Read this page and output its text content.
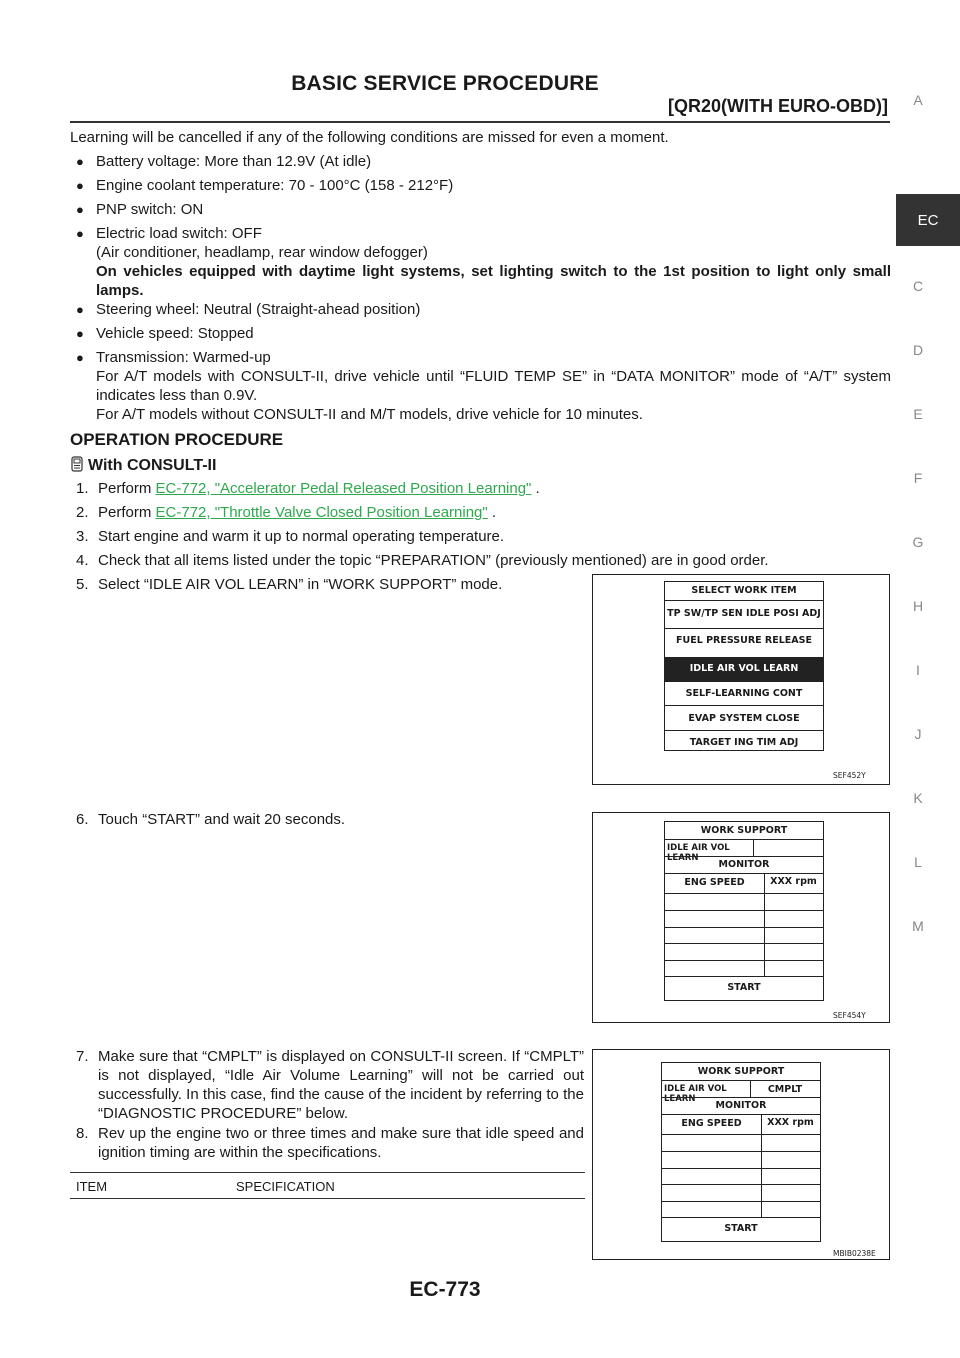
BASIC SERVICE PROCEDURE
[QR20(WITH EURO-OBD)]	A
EC
C
D
E
F
G
H
I
J
K
L
M
Learning will be cancelled if any of the following conditions are missed for even a moment.
● Battery voltage: More than 12.9V (At idle)
● Engine coolant temperature: 70 - 100°C (158 - 212°F)
● PNP switch: ON
● Electric load switch: OFF
(Air conditioner, headlamp, rear window defogger)

On vehicles equipped with daytime light systems, set lighting switch to the 1st position to light only small lamps.
● Steering wheel: Neutral (Straight-ahead position)
● Vehicle speed: Stopped
● Transmission: Warmed-up

For A/T models with CONSULT-II, drive vehicle until “FLUID TEMP SE” in “DATA MONITOR” mode of “A/T” system indicates less than 0.9V.
For A/T models without CONSULT-II and M/T models, drive vehicle for 10 minutes.
OPERATION PROCEDURE
With CONSULT-II
1. Perform EC-772, "Accelerator Pedal Released Position Learning" .
2. Perform EC-772, "Throttle Valve Closed Position Learning" .
3. Start engine and warm it up to normal operating temperature.
4. Check that all items listed under the topic “PREPARATION” (previously mentioned) are in good order.
5. Select “IDLE AIR VOL LEARN” in “WORK SUPPORT” mode.
6. Touch “START” and wait 20 seconds.
7. Make sure that “CMPLT” is displayed on CONSULT-II screen. If “CMPLT” is not displayed, “Idle Air Volume Learning” will not be carried out successfully. In this case, find the cause of the incident by referring to the “DIAGNOSTIC PROCEDURE” below.
8. Rev up the engine two or three times and make sure that idle speed and ignition timing are within the specifications.
ITEM	SPECIFICATION
SELECT WORK ITEM
TP SW/TP SEN IDLE POSI ADJ
FUEL PRESSURE RELEASE
IDLE AIR VOL LEARN
SELF-LEARNING CONT
EVAP SYSTEM CLOSE
TARGET ING TIM ADJ
SEF452Y
WORK SUPPORT
IDLE AIR VOL LEARN
MONITOR
ENG SPEED	XXX rpm
START
SEF454Y
WORK SUPPORT
IDLE AIR VOL LEARN
CMPLT
MONITOR
ENG SPEED	XXX rpm
START
MBIB0238E
EC-773
